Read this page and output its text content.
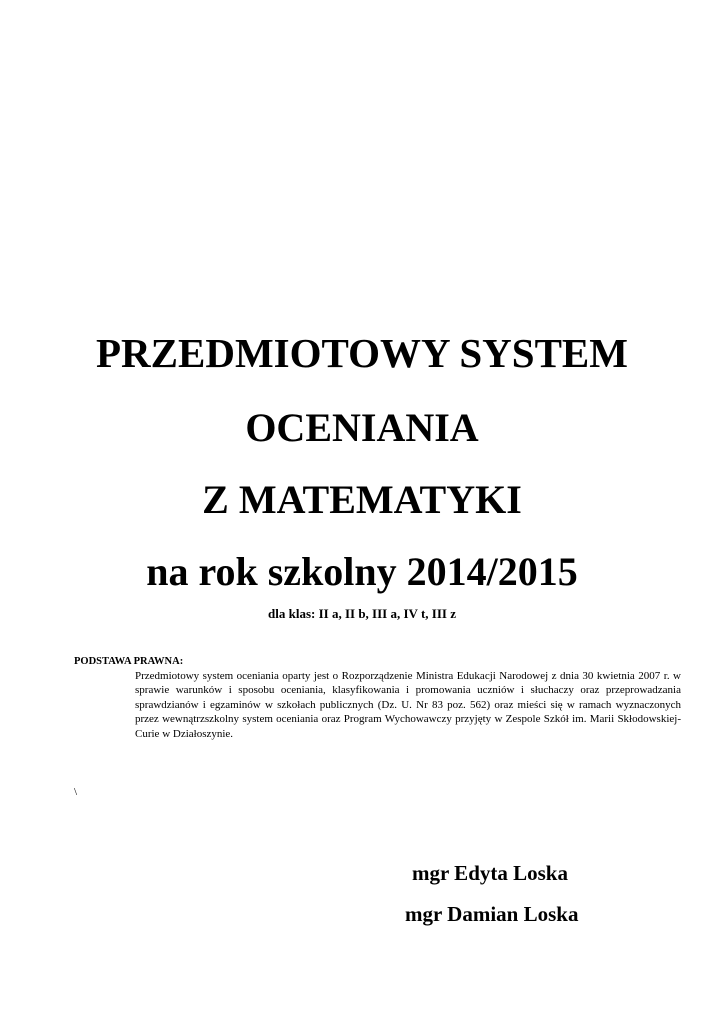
PRZEDMIOTOWY SYSTEM
OCENIANIA
Z MATEMATYKI
na rok szkolny 2014/2015
dla klas: II a, II b, III a, IV t, III z
PODSTAWA PRAWNA:
Przedmiotowy system oceniania oparty jest o Rozporządzenie Ministra Edukacji Narodowej z dnia 30 kwietnia 2007 r. w sprawie warunków i sposobu oceniania, klasyfikowania i promowania uczniów i słuchaczy oraz przeprowadzania sprawdzianów i egzaminów w szkołach publicznych (Dz. U. Nr 83 poz. 562) oraz mieści się w ramach wyznaczonych przez wewnątrzszkolny system oceniania oraz Program Wychowawczy przyjęty w Zespole Szkół im. Marii Skłodowskiej-Curie w Działoszynie.
\
mgr Edyta Loska
mgr Damian Loska
